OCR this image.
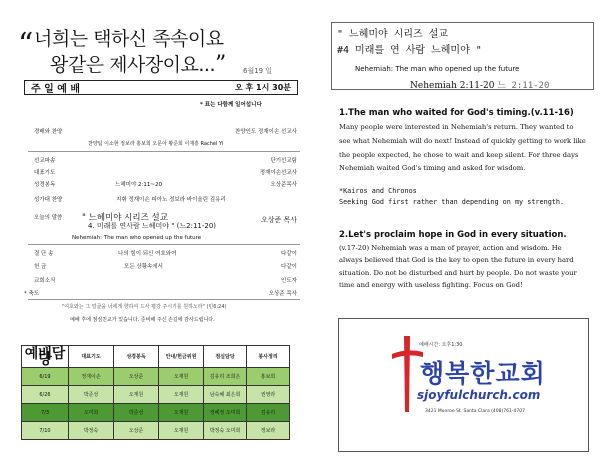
“ 너희는 택하신 족속이요
왕같은 제사장이요...” 6월19 일
주 일 예 배	오 후 1시 30분
* 표는 다함께 일어섭니다
경배와 찬양	찬양인도 정재이손 선교사
찬양팀 이소현 정보라 홍보희 오문아 황준희 이재흥 Rachel Yi
선교파송	단기선교팀
대표기도	정재이손선교사
성경봉독	느헤미야 2:11~20	오상준목사
성가대 찬양	지휘 정재이손 피아노 정보라 바이올린 김유리
오늘의 말씀 " 느헤미야 시리즈 설교	오상준 목사
4. 미래를 연사람 느헤미야 " (느2:11-20)
Nehemiah: The man who opened up the future
결 단 송	나의 힘이 되신 여호와여	다같이
헌 금	모든 상황속에서	다같이
교회소식	인도자
* 축도	오상준 목사
"여호와는 그 얼굴을 너에게 향하여 드사 평강 주시기를 원하노라" (민6:24)
예배 후에 점심친교가 있습니다. 준비해 주신 손길에 감사드립니다.
예배담당	대표기도	성경봉독	안내/헌금위원	점심담당	봉사정리
6/19	정재이손	오상준	오재원	김유리 조희은	홍보희
6/26	박준성	오재원	오재원	남숙혜 최은희	권영라
7/3	오미희	박준성	오재원	정혜정 오미희	김유리
7/10	박정숙	오상준	오재원	박정숙 오미희	정보라
" 느헤미야 시리즈 설교
#4 미래를 연 사람 느헤미야 "
Nehemiah: The man who opened up the future
Nehemiah 2:11-20 느 2:11-20
1.The man who waited for God's timing.(v.11-16)
Many people were interested in Nehemiah's return. They wanted to see what Nehemiah will do next! Instead of quickly getting to work like the people expected, he chose to wait and keep silent. For three days Nehemiah waited God's timing and asked for wisdom.
*Kairos and Chronos
Seeking God first rather than depending on my strength.
2.Let's proclaim hope in God in every situation.
(v.17-20) Nehemiah was a man of prayer, action and wisdom. He always believed that God is the key to open the future in every hard situation. Do not be disturbed and hurt by people. Do not waste your time and energy with useless fighting. Focus on God!
예배시간: 오후1:30
행복한교회
sjoyfulchurch.com
3421 Monroe St. Santa Clara (408)761-4707
